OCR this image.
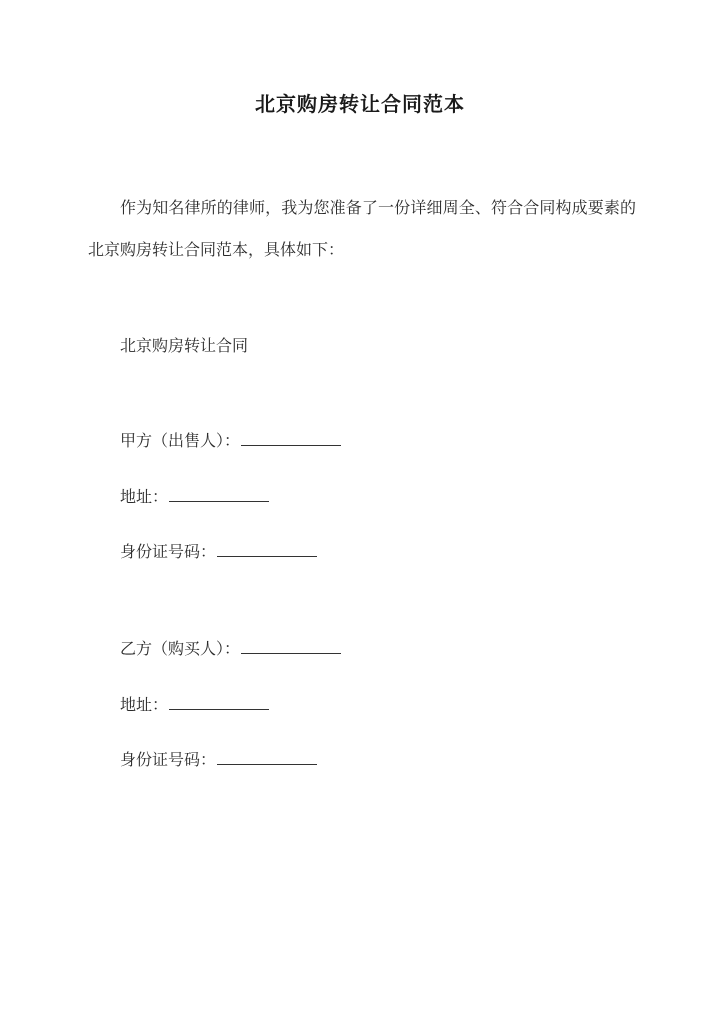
北京购房转让合同范本
作为知名律所的律师，我为您准备了一份详细周全、符合合同构成要素的北京购房转让合同范本，具体如下：
北京购房转让合同
甲方（出售人）：
地址：
身份证号码：
乙方（购买人）：
地址：
身份证号码：
